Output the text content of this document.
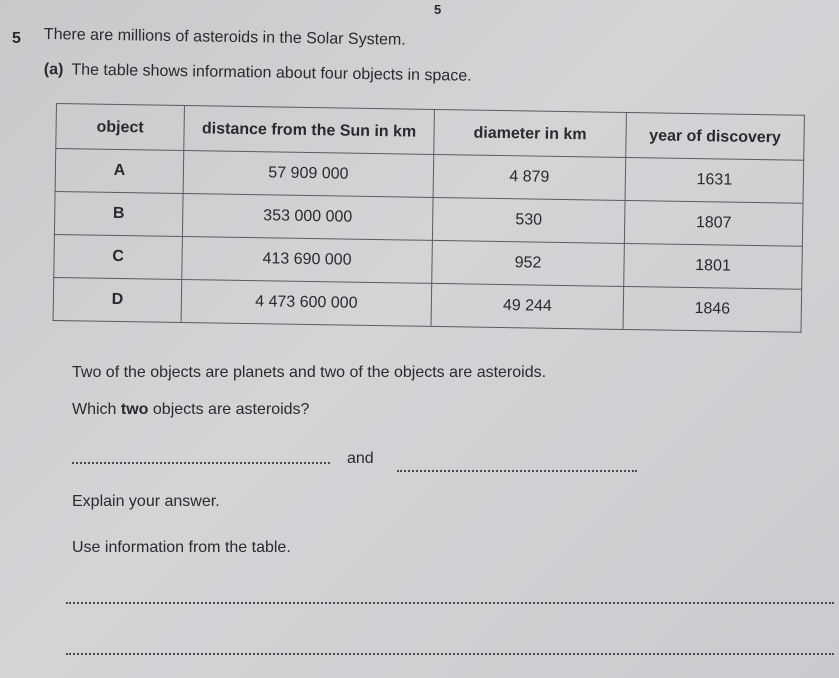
5
5 There are millions of asteroids in the Solar System.
(a) The table shows information about four objects in space.
object	distance from the Sun in km	diameter in km	year of discovery
A	57 909 000	4 879	1631
B	353 000 000	530	1807
C	413 690 000	952	1801
D	4 473 600 000	49 244	1846
Two of the objects are planets and two of the objects are asteroids.
Which two objects are asteroids?
and
Explain your answer.
Use information from the table.
